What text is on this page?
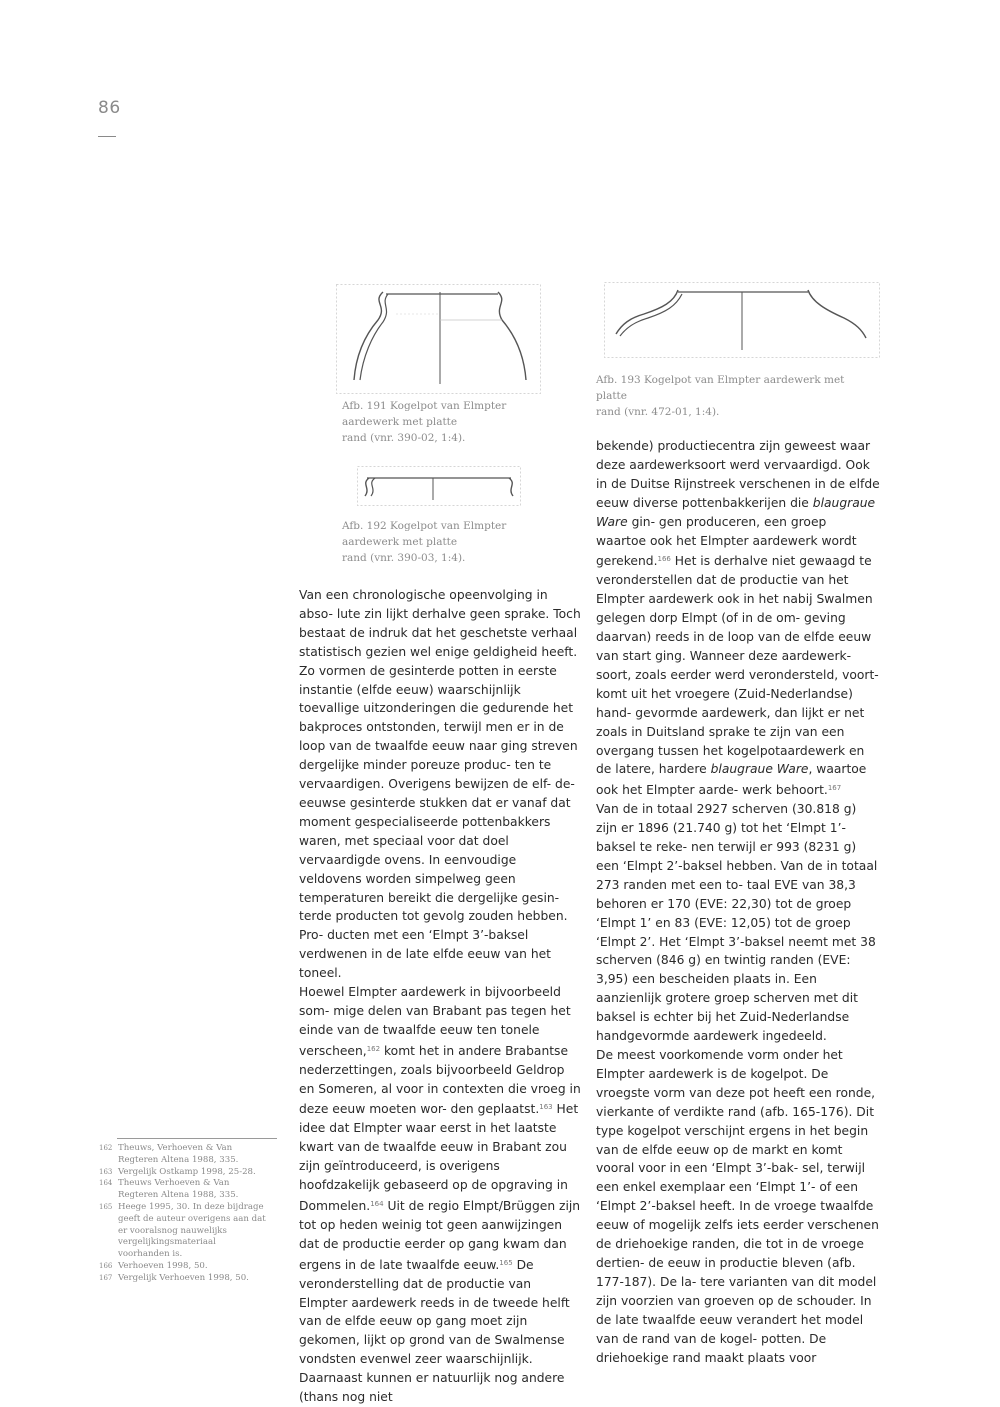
86
Afb. 191 Kogelpot van Elmpter aardewerk met platte
rand (vnr. 390-02, 1:4).
Afb. 192 Kogelpot van Elmpter aardewerk met platte
rand (vnr. 390-03, 1:4).
Afb. 193 Kogelpot van Elmpter aardewerk met platte
rand (vnr. 472-01, 1:4).

Van een chronologische opeenvolging in abso- lute zin lijkt derhalve geen sprake. Toch bestaat de indruk dat het geschetste verhaal statistisch gezien wel enige geldigheid heeft. Zo vormen de gesinterde potten in eerste instantie (elfde eeuw) waarschijnlijk toevallige uitzonderingen die gedurende het bakproces ontstonden, terwijl men er in de loop van de twaalfde eeuw naar ging streven dergelijke minder poreuze produc- ten te vervaardigen. Overigens bewijzen de elf- de-eeuwse gesinterde stukken dat er vanaf dat moment gespecialiseerde pottenbakkers waren, met speciaal voor dat doel vervaardigde ovens. In eenvoudige veldovens worden simpelweg geen temperaturen bereikt die dergelijke gesin- terde producten tot gevolg zouden hebben. Pro- ducten met een ‘Elmpt 3’-baksel verdwenen in de late elfde eeuw van het toneel.

Hoewel Elmpter aardewerk in bijvoorbeeld som- mige delen van Brabant pas tegen het einde van de twaalfde eeuw ten tonele verscheen,$^{162}$ komt het in andere Brabantse nederzettingen, zoals bijvoorbeeld Geldrop en Someren, al voor in contexten die vroeg in deze eeuw moeten wor- den geplaatst.$^{163}$ Het idee dat Elmpter waar eerst in het laatste kwart van de twaalfde eeuw in Brabant zou zijn geïntroduceerd, is overigens hoofdzakelijk gebaseerd op de opgraving in Dommelen.$^{164}$ Uit de regio Elmpt/Brüggen zijn tot op heden weinig tot geen aanwijzingen dat de productie eerder op gang kwam dan ergens in de late twaalfde eeuw.$^{165}$ De veronderstelling dat de productie van Elmpter aardewerk reeds in de tweede helft van de elfde eeuw op gang moet zijn gekomen, lijkt op grond van de Swalmense vondsten evenwel zeer waarschijnlijk. Daarnaast kunnen er natuurlijk nog andere (thans nog niet

bekende) productiecentra zijn geweest waar deze aardewerksoort werd vervaardigd. Ook in de Duitse Rijnstreek verschenen in de elfde eeuw diverse pottenbakkerijen die blaugraue Ware gin- gen produceren, een groep waartoe ook het Elmpter aardewerk wordt gerekend.$^{166}$ Het is derhalve niet gewaagd te veronderstellen dat de productie van het Elmpter aardewerk ook in het nabij Swalmen gelegen dorp Elmpt (of in de om- geving daarvan) reeds in de loop van de elfde eeuw van start ging. Wanneer deze aardewerk- soort, zoals eerder werd verondersteld, voort- komt uit het vroegere (Zuid-Nederlandse) hand- gevormde aardewerk, dan lijkt er net zoals in Duitsland sprake te zijn van een overgang tussen het kogelpotaardewerk en de latere, hardere blaugraue Ware, waartoe ook het Elmpter aarde- werk behoort.$^{167}$

Van de in totaal 2927 scherven (30.818 g) zijn er 1896 (21.740 g) tot het ‘Elmpt 1’-baksel te reke- nen terwijl er 993 (8231 g) een ‘Elmpt 2’-baksel hebben. Van de in totaal 273 randen met een to- taal EVE van 38,3 behoren er 170 (EVE: 22,30) tot de groep ‘Elmpt 1’ en 83 (EVE: 12,05) tot de groep ‘Elmpt 2’. Het ‘Elmpt 3’-baksel neemt met 38 scherven (846 g) en twintig randen (EVE: 3,95) een bescheiden plaats in. Een aanzienlijk grotere groep scherven met dit baksel is echter bij het Zuid-Nederlandse handgevormde aardewerk ingedeeld.

De meest voorkomende vorm onder het Elmpter aardewerk is de kogelpot. De vroegste vorm van deze pot heeft een ronde, vierkante of verdikte rand (afb. 165-176). Dit type kogelpot verschijnt ergens in het begin van de elfde eeuw op de markt en komt vooral voor in een ‘Elmpt 3’-bak- sel, terwijl een enkel exemplaar een ‘Elmpt 1’- of een ‘Elmpt 2’-baksel heeft. In de vroege twaalfde eeuw of mogelijk zelfs iets eerder verschenen de driehoekige randen, die tot in de vroege dertien- de eeuw in productie bleven (afb. 177-187). De la- tere varianten van dit model zijn voorzien van groeven op de schouder. In de late twaalfde eeuw verandert het model van de rand van de kogel- potten. De driehoekige rand maakt plaats voor

162 Theuws, Verhoeven & Van Regteren Altena 1988, 335.
163 Vergelijk Ostkamp 1998, 25-28.
164 Theuws Verhoeven & Van Regteren Altena 1988, 335.
165 Heege 1995, 30. In deze bijdrage geeft de auteur overigens aan dat er vooralsnog nauwelijks vergelijkingsmateriaal voorhanden is.
166 Verhoeven 1998, 50.
167 Vergelijk Verhoeven 1998, 50.
